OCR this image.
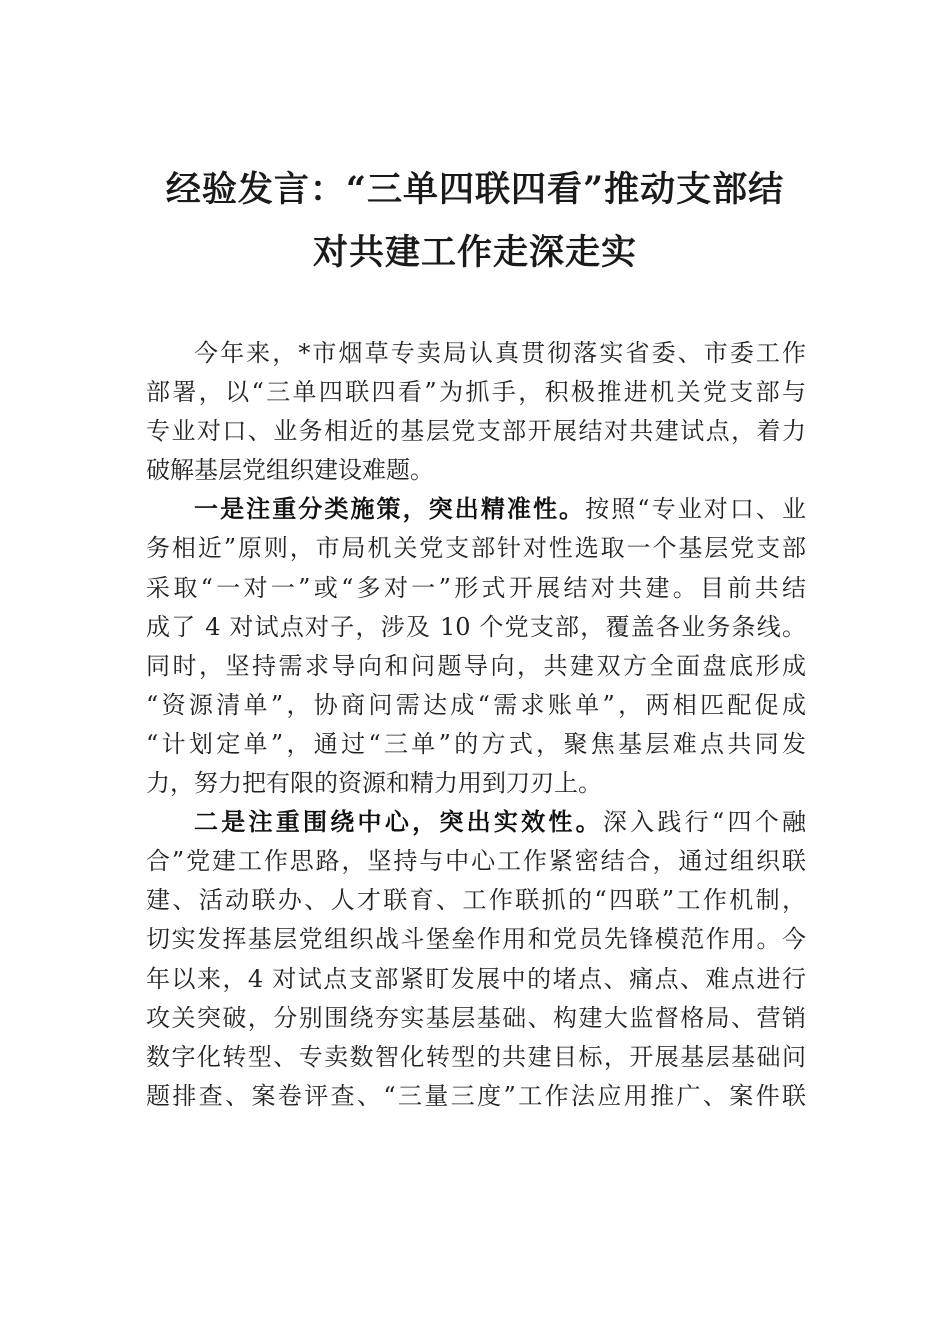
经验发言：“三单四联四看”推动支部结
对共建工作走深走实
今年来，*市烟草专卖局认真贯彻落实省委、市委工作
部署，以“三单四联四看”为抓手，积极推进机关党支部与
专业对口、业务相近的基层党支部开展结对共建试点，着力
破解基层党组织建设难题。
一是注重分类施策，突出精准性。按照“专业对口、业
务相近”原则，市局机关党支部针对性选取一个基层党支部
采取“一对一”或“多对一”形式开展结对共建。目前共结
成了 4 对试点对子，涉及 10 个党支部，覆盖各业务条线。
同时，坚持需求导向和问题导向，共建双方全面盘底形成
“资源清单”，协商问需达成“需求账单”，两相匹配促成
“计划定单”，通过“三单”的方式，聚焦基层难点共同发
力，努力把有限的资源和精力用到刀刃上。
二是注重围绕中心，突出实效性。深入践行“四个融
合”党建工作思路，坚持与中心工作紧密结合，通过组织联
建、活动联办、人才联育、工作联抓的“四联”工作机制，
切实发挥基层党组织战斗堡垒作用和党员先锋模范作用。今
年以来，4 对试点支部紧盯发展中的堵点、痛点、难点进行
攻关突破，分别围绕夯实基层基础、构建大监督格局、营销
数字化转型、专卖数智化转型的共建目标，开展基层基础问
题排查、案卷评查、“三量三度”工作法应用推广、案件联
